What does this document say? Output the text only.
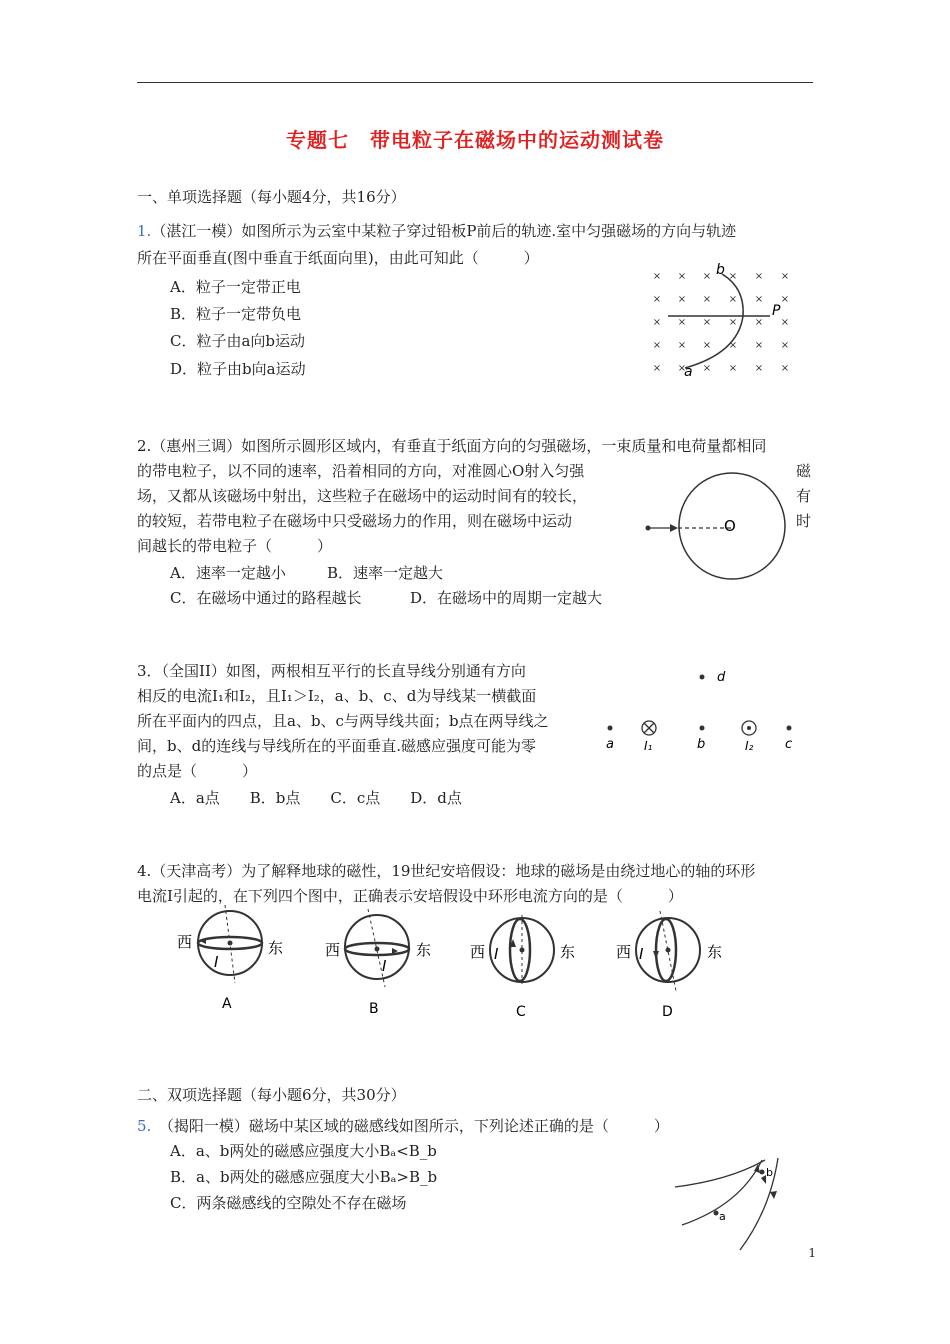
专题七　带电粒子在磁场中的运动测试卷
一、单项选择题（每小题4分，共16分）
1.（湛江一模）如图所示为云室中某粒子穿过铅板P前后的轨迹.室中匀强磁场的方向与轨迹
所在平面垂直(图中垂直于纸面向里)，由此可知此（　　　）
A．粒子一定带正电
B．粒子一定带负电
C．粒子由a向b运动
D．粒子由b向a运动
× × × × × ×
× × × × × ×
× × × × × ×
× × × × × ×
× × × × × ×
b
P
a
2.（惠州三调）如图所示圆形区域内，有垂直于纸面方向的匀强磁场，一束质量和电荷量都相同
的带电粒子，以不同的速率，沿着相同的方向，对准圆心O射入匀强	磁
场，又都从该磁场中射出，这些粒子在磁场中的运动时间有的较长，	有
的较短，若带电粒子在磁场中只受磁场力的作用，则在磁场中运动	时
间越长的带电粒子（　　　）
A．速率一定越小	B．速率一定越大
C．在磁场中通过的路程越长	D．在磁场中的周期一定越大
O
3．（全国II）如图，两根相互平行的长直导线分别通有方向
相反的电流I₁和I₂，且I₁＞I₂，a、b、c、d为导线某一横截面
所在平面内的四点，且a、b、c与两导线共面；b点在两导线之
间，b、d的连线与导线所在的平面垂直.磁感应强度可能为零
的点是（　　　）
A．a点　　B．b点　　C．c点　　D．d点
d
a	I₁	b	I₂ c
4.（天津高考）为了解释地球的磁性，19世纪安培假设：地球的磁场是由绕过地心的轴的环形
电流I引起的，在下列四个图中，正确表示安培假设中环形电流方向的是（　　　）
西	东
I
A
西	东
I
B
西	东
I
C
西	东
I
D
二、双项选择题（每小题6分，共30分）
5.　 （揭阳一模）磁场中某区域的磁感线如图所示，下列论述正确的是（　　　）
A．a、b两处的磁感应强度大小Bₐ<B_b
B．a、b两处的磁感应强度大小Bₐ>B_b
C．两条磁感线的空隙处不存在磁场
b
a
1
